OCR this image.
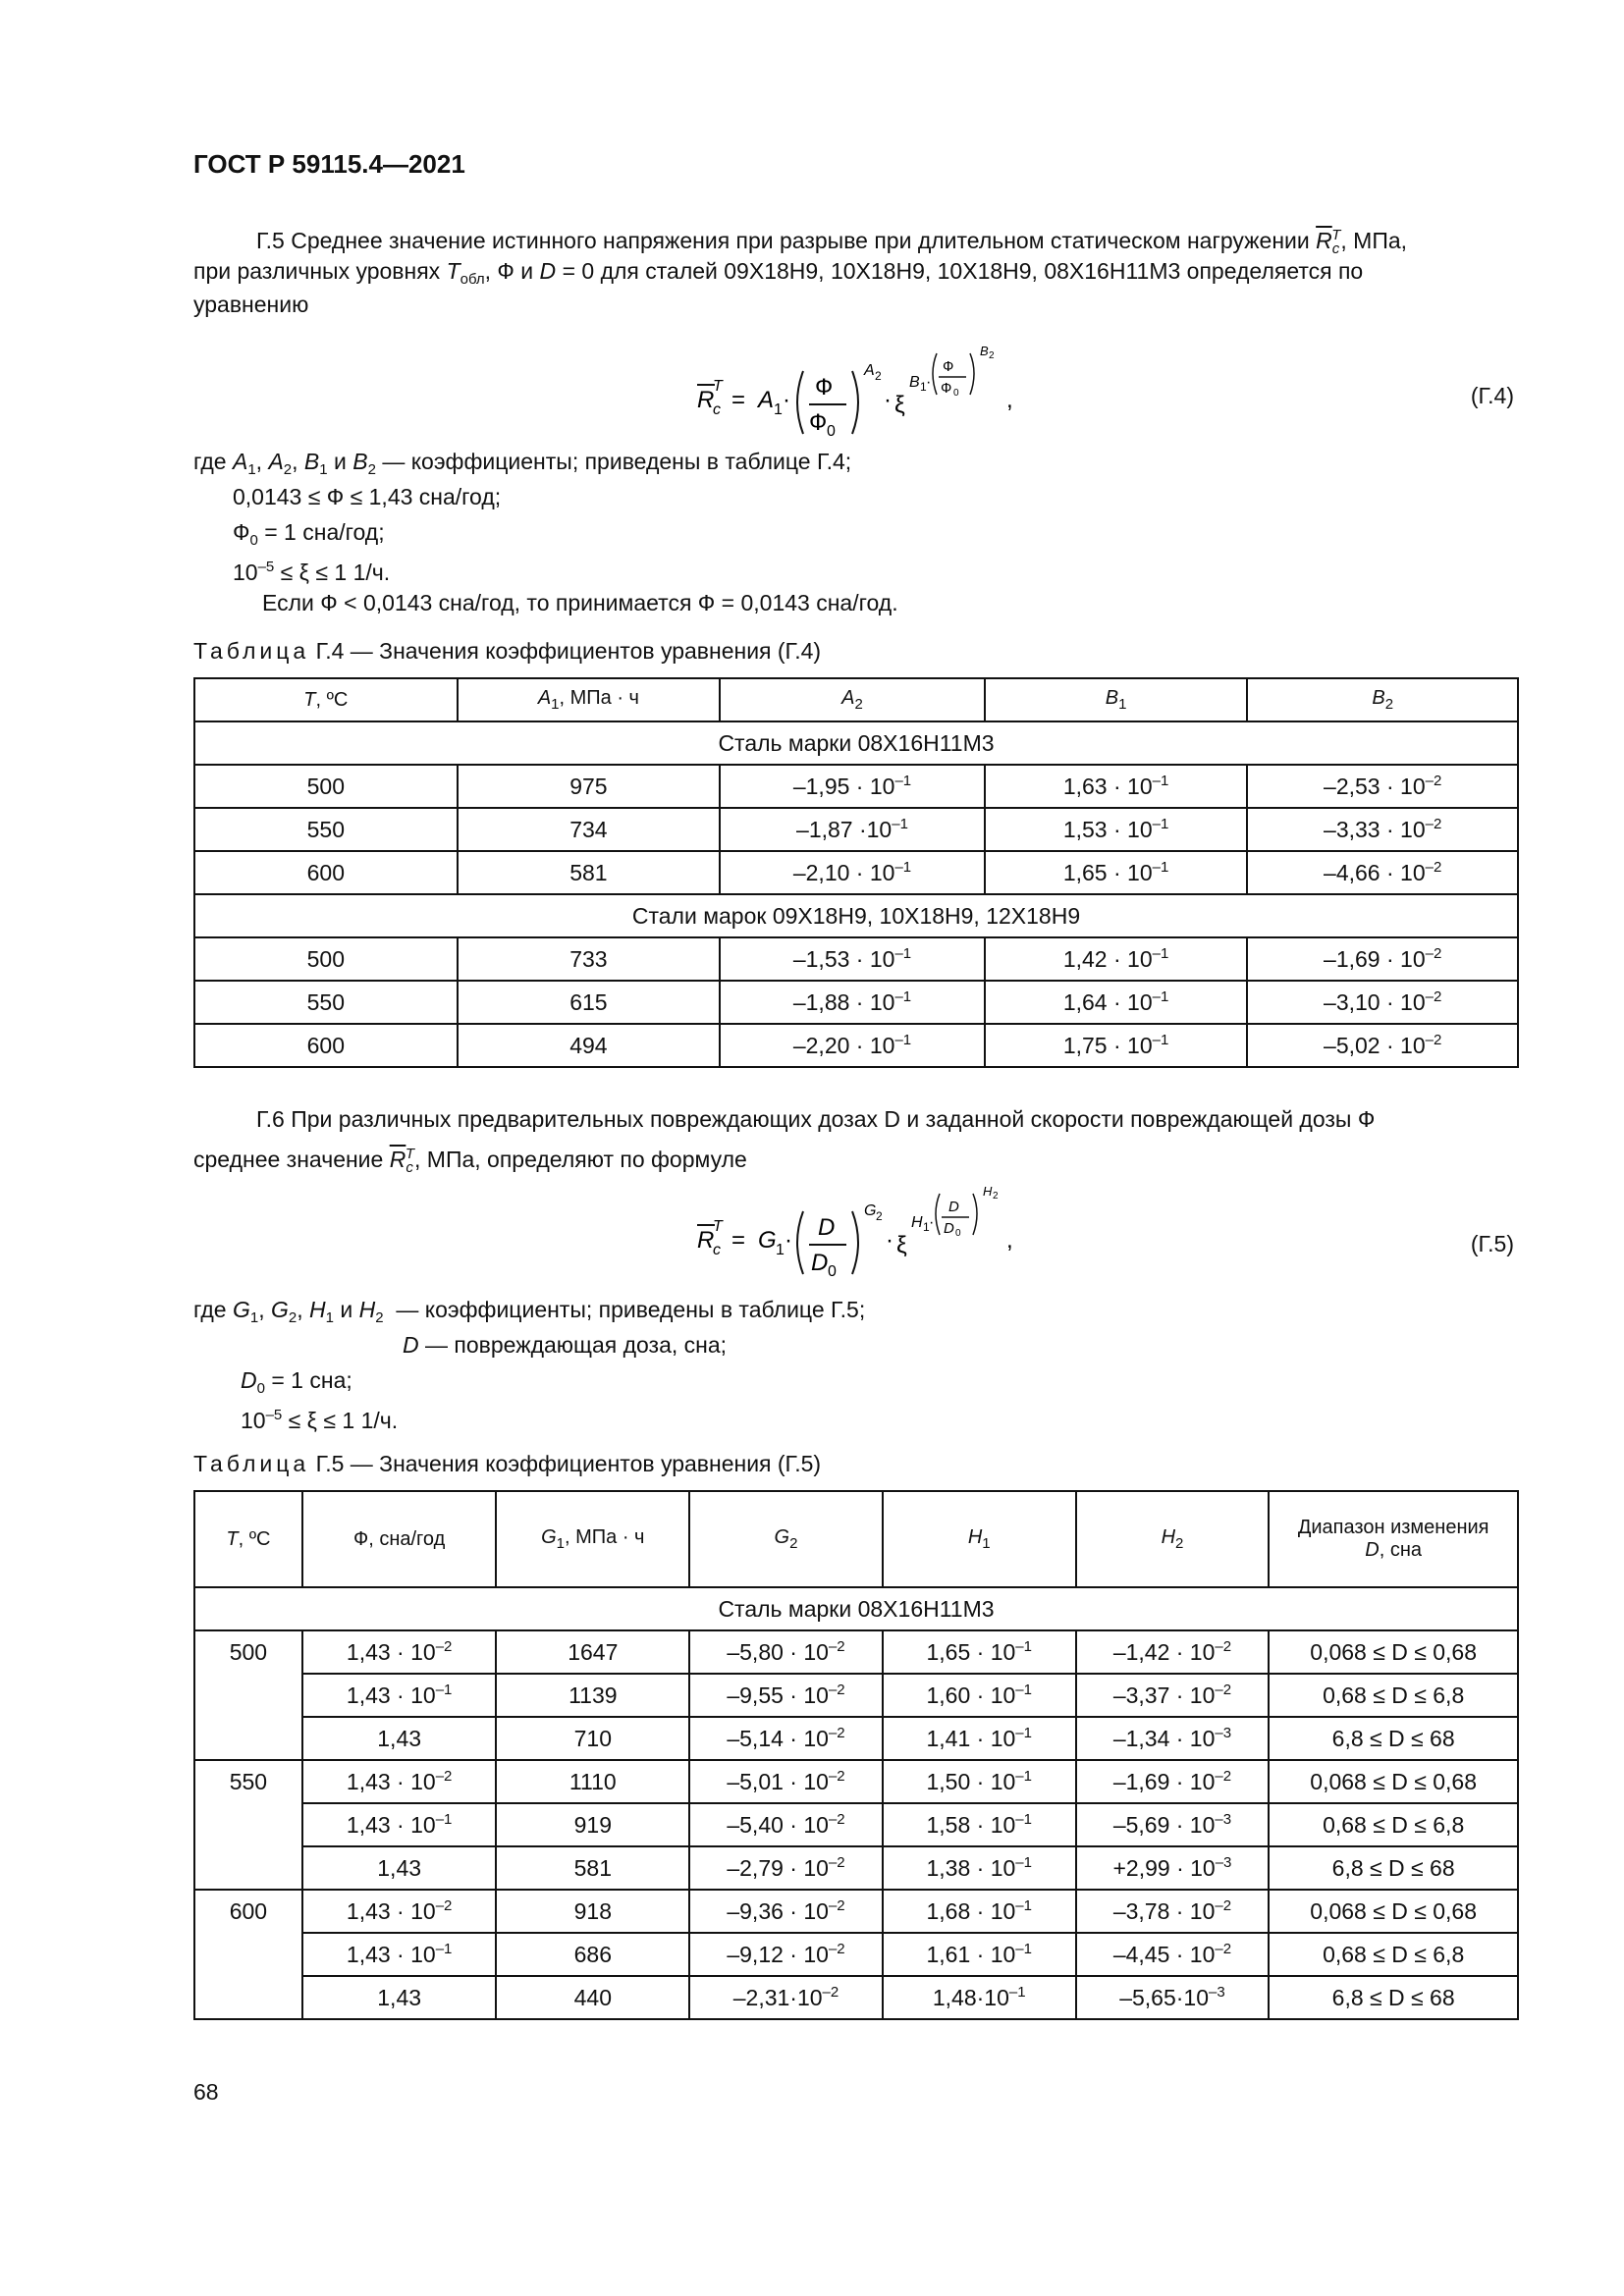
ГОСТ Р 59115.4—2021
Г.5 Среднее значение истинного напряжения при разрыве при длительном статическом нагружении $\overline{R}_c^T$, МПа,
при различных уровнях $T_{обл}$, Ф и D = 0 для сталей 09Х18Н9, 10Х18Н9, 10Х18Н9, 08Х16Н11М3 определяется по
уравнению
R
c
T
= A 1 · Ф
Ф 0
A 2
· ξ
B 1 ·
Ф
Ф 0
B 2
,	(Г.4)
где $A_1$, $A_2$, $B_1$ и $B_2$ — коэффициенты; приведены в таблице Г.4;
0,0143 ≤ Ф ≤ 1,43 сна/год;
$Ф_0 = 1$ сна/год;
$10^{-5} \le \xi \le 1$ 1/ч.
Если Ф < 0,0143 сна/год, то принимается Ф = 0,0143 сна/год.
Таблица Г.4 — Значения коэффициентов уравнения (Г.4)
T, ºC	$A_1$, МПа · ч	$A_2$	$B_1$	$B_2$
Сталь марки 08Х16Н11М3				
500	975	$-1,95 \cdot 10^{-1}$	$1,63 \cdot 10^{-1}$	$-2,53 \cdot 10^{-2}$
550	734	$-1,87 \cdot 10^{-1}$	$1,53 \cdot 10^{-1}$	$-3,33 \cdot 10^{-2}$
600	581	$-2,10 \cdot 10^{-1}$	$1,65 \cdot 10^{-1}$	$-4,66 \cdot 10^{-2}$
Стали марок 09Х18Н9, 10Х18Н9, 12Х18Н9				
500	733	$-1,53 \cdot 10^{-1}$	$1,42 \cdot 10^{-1}$	$-1,69 \cdot 10^{-2}$
550	615	$-1,88 \cdot 10^{-1}$	$1,64 \cdot 10^{-1}$	$-3,10 \cdot 10^{-2}$
600	494	$-2,20 \cdot 10^{-1}$	$1,75 \cdot 10^{-1}$	$-5,02 \cdot 10^{-2}$
Г.6 При различных предварительных повреждающих дозах D и заданной скорости повреждающей дозы Ф
среднее значение $\overline{R}_c^T$, МПа, определяют по формуле
R
c
T
= G 1 · D
D 0
G 2
· ξ
H 1 ·
D
D 0
H 2
,	(Г.5)
где $G_1$, $G_2$, $H_1$ и $H_2$ — коэффициенты; приведены в таблице Г.5;
D — повреждающая доза, сна;
$D_0 = 1$ сна;
$10^{-5} \le \xi \le 1$ 1/ч.
Таблица Г.5 — Значения коэффициентов уравнения (Г.5)
T, ºC	Ф, сна/год	$G_1$, МПа · ч	$G_2$	$H_1$	$H_2$	Диапазон изменения
D, сна
Сталь марки 08Х16Н11М3						
500	$1,43 \cdot 10^{-2}$	1647	$-5,80 \cdot 10^{-2}$	$1,65 \cdot 10^{-1}$	$-1,42 \cdot 10^{-2}$	0,068 ≤ D ≤ 0,68
	$1,43 \cdot 10^{-1}$	1139	$-9,55 \cdot 10^{-2}$	$1,60 \cdot 10^{-1}$	$-3,37 \cdot 10^{-2}$	0,68 ≤ D ≤ 6,8
	1,43	710	$-5,14 \cdot 10^{-2}$	$1,41 \cdot 10^{-1}$	$-1,34 \cdot 10^{-3}$	6,8 ≤ D ≤ 68
550	$1,43 \cdot 10^{-2}$	1110	$-5,01 \cdot 10^{-2}$	$1,50 \cdot 10^{-1}$	$-1,69 \cdot 10^{-2}$	0,068 ≤ D ≤ 0,68
	$1,43 \cdot 10^{-1}$	919	$-5,40 \cdot 10^{-2}$	$1,58 \cdot 10^{-1}$	$-5,69 \cdot 10^{-3}$	0,68 ≤ D ≤ 6,8
	1,43	581	$-2,79 \cdot 10^{-2}$	$1,38 \cdot 10^{-1}$	$+2,99 \cdot 10^{-3}$	6,8 ≤ D ≤ 68
600	$1,43 \cdot 10^{-2}$	918	$-9,36 \cdot 10^{-2}$	$1,68 \cdot 10^{-1}$	$-3,78 \cdot 10^{-2}$	0,068 ≤ D ≤ 0,68
	$1,43 \cdot 10^{-1}$	686	$-9,12 \cdot 10^{-2}$	$1,61 \cdot 10^{-1}$	$-4,45 \cdot 10^{-2}$	0,68 ≤ D ≤ 6,8
	1,43	440	$-2,31\cdot 10^{-2}$	$1,48\cdot 10^{-1}$	$-5,65\cdot 10^{-3}$	6,8 ≤ D ≤ 68
68
